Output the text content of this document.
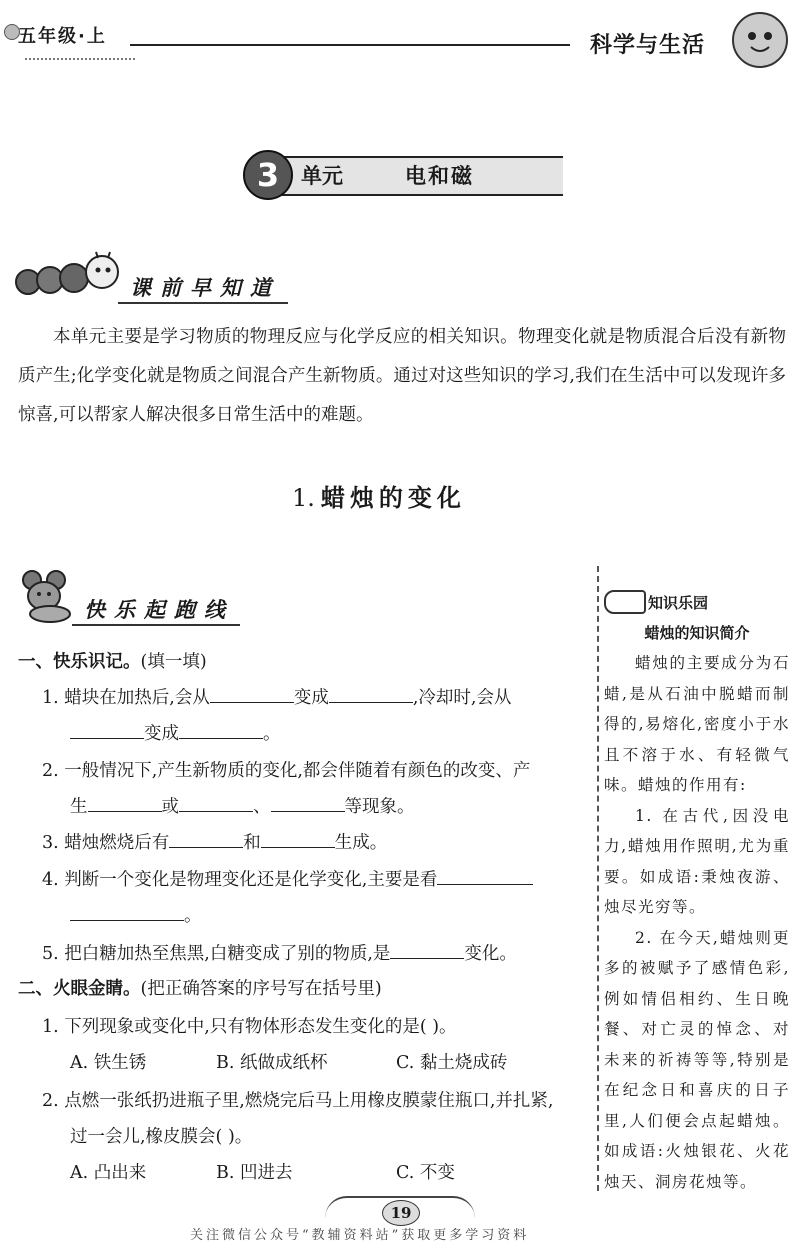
五年级·上	科学与生活
3	单元	电和磁
课前早知道
本单元主要是学习物质的物理反应与化学反应的相关知识。物理变化就是物质混合后没有新物质产生;化学变化就是物质之间混合产生新物质。通过对这些知识的学习,我们在生活中可以发现许多惊喜,可以帮家人解决很多日常生活中的难题。
1. 蜡烛的变化
快乐起跑线
一、快乐识记。(填一填)
1. 蜡块在加热后,会从	变成	,冷却时,会从
变成	。
2. 一般情况下,产生新物质的变化,都会伴随着有颜色的改变、产
生	或	、	等现象。
3. 蜡烛燃烧后有	和	生成。
4. 判断一个变化是物理变化还是化学变化,主要是看
。
5. 把白糖加热至焦黑,白糖变成了别的物质,是	变化。
二、火眼金睛。(把正确答案的序号写在括号里)
1. 下列现象或变化中,只有物体形态发生变化的是( )。
A. 铁生锈	B. 纸做成纸杯	C. 黏土烧成砖
2. 点燃一张纸扔进瓶子里,燃烧完后马上用橡皮膜蒙住瓶口,并扎紧,
过一会儿,橡皮膜会( )。
A. 凸出来	B. 凹进去	C. 不变
知识乐园
蜡烛的知识简介
蜡烛的主要成分为石蜡,是从石油中脱蜡而制得的,易熔化,密度小于水且不溶于水、有轻微气味。蜡烛的作用有:
1. 在古代,因没电力,蜡烛用作照明,尤为重要。如成语:秉烛夜游、烛尽光穷等。
2. 在今天,蜡烛则更多的被赋予了感情色彩,例如情侣相约、生日晚餐、对亡灵的悼念、对未来的祈祷等等,特别是在纪念日和喜庆的日子里,人们便会点起蜡烛。如成语:火烛银花、火花烛天、洞房花烛等。
19
关注微信公众号“教辅资料站”获取更多学习资料
